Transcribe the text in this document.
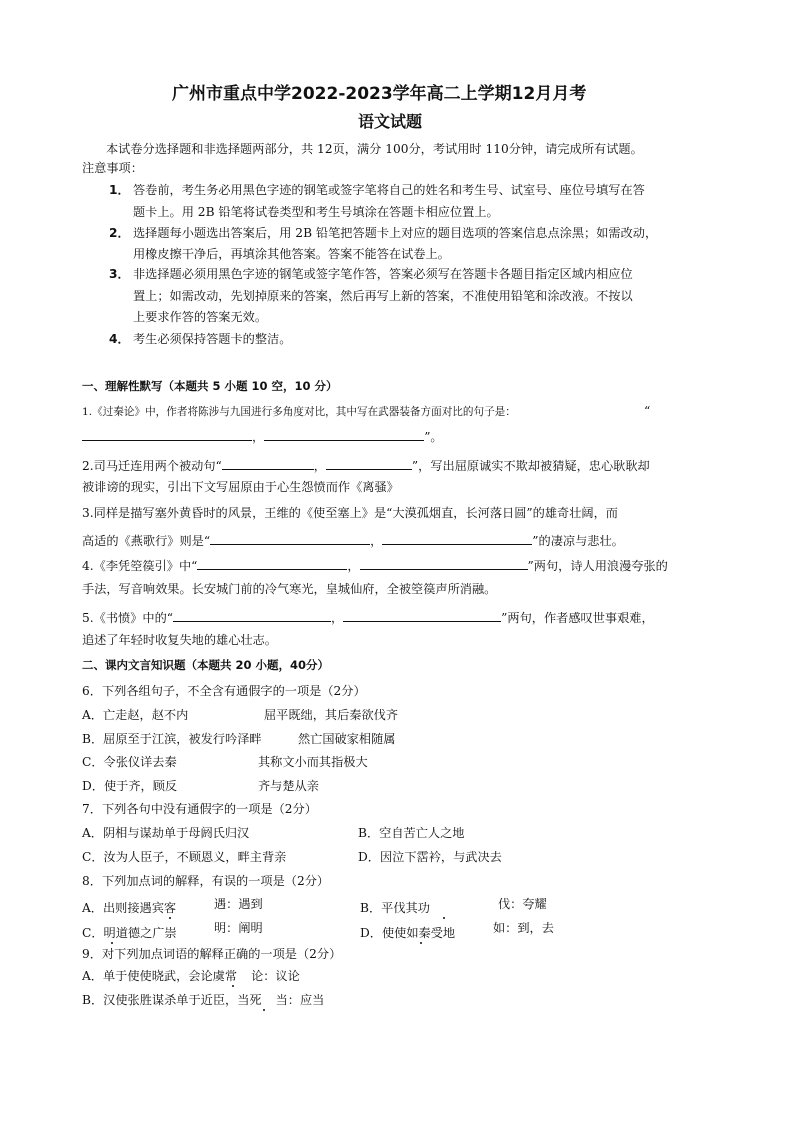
广州市重点中学2022-2023学年高二上学期12月月考
语文试题
本试卷分选择题和非选择题两部分，共 12页，满分 100分，考试用时 110分钟，请完成所有试题。
注意事项：
1． 答卷前，考生务必用黑色字迹的钢笔或签字笔将自己的姓名和考生号、试室号、座位号填写在答
题卡上。用 2B 铅笔将试卷类型和考生号填涂在答题卡相应位置上。
2． 选择题每小题选出答案后，用 2B 铅笔把答题卡上对应的题目选项的答案信息点涂黑；如需改动，
用橡皮擦干净后，再填涂其他答案。答案不能答在试卷上。
3． 非选择题必须用黑色字迹的钢笔或签字笔作答，答案必须写在答题卡各题目指定区域内相应位
置上；如需改动，先划掉原来的答案，然后再写上新的答案，不准使用铅笔和涂改液。不按以
上要求作答的答案无效。
4． 考生必须保持答题卡的整洁。
一、理解性默写（本题共 5 小题 10 空，10 分）
1.《过秦论》中，作者将陈涉与九国进行多角度对比，其中写在武器装备方面对比的句子是：	“
，	”。
2.司马迁连用两个被动句“	，	”，写出屈原诚实不欺却被猜疑，忠心耿耿却
被诽谤的现实，引出下文写屈原由于心生怨愤而作《离骚》
3.同样是描写塞外黄昏时的风景，王维的《使至塞上》是“大漠孤烟直，长河落日圆”的雄奇壮阔，而
高适的《燕歌行》则是“	，	”的凄凉与悲壮。
4.《李凭箜篌引》中“	，	”两句，诗人用浪漫夸张的
手法，写音响效果。长安城门前的冷气寒光，皇城仙府，全被箜篌声所消融。
5.《书愤》中的“	，	”两句，作者感叹世事艰难，
追述了年轻时收复失地的雄心壮志。
二、课内文言知识题（本题共 20 小题，40分）
6．下列各组句子，不全含有通假字的一项是（2分）
A．亡走赵，赵不内	屈平既绌，其后秦欲伐齐
B．屈原至于江滨，被发行吟泽畔	然亡国破家相随属
C．令张仪详去秦	其称文小而其指极大
D．使于齐，顾反	齐与楚从亲
7．下列各句中没有通假字的一项是（2分）
A．阴相与谋劫单于母阏氏归汉	B．空自苦亡人之地
C．汝为人臣子，不顾恩义，畔主背亲	D．因泣下霑衿，与武决去
8．下列加点词的解释，有误的一项是（2分）
A．出则接遇宾客	遇：遇到	B．平伐其功	伐：夸耀
C．明道德之广崇	明：阐明	D．使使如秦受地	如：到，去
9．对下列加点词语的解释正确的一项是（2分）
A．单于使使晓武，会论虞常 论：议论
B．汉使张胜谋杀单于近臣，当死 当：应当
